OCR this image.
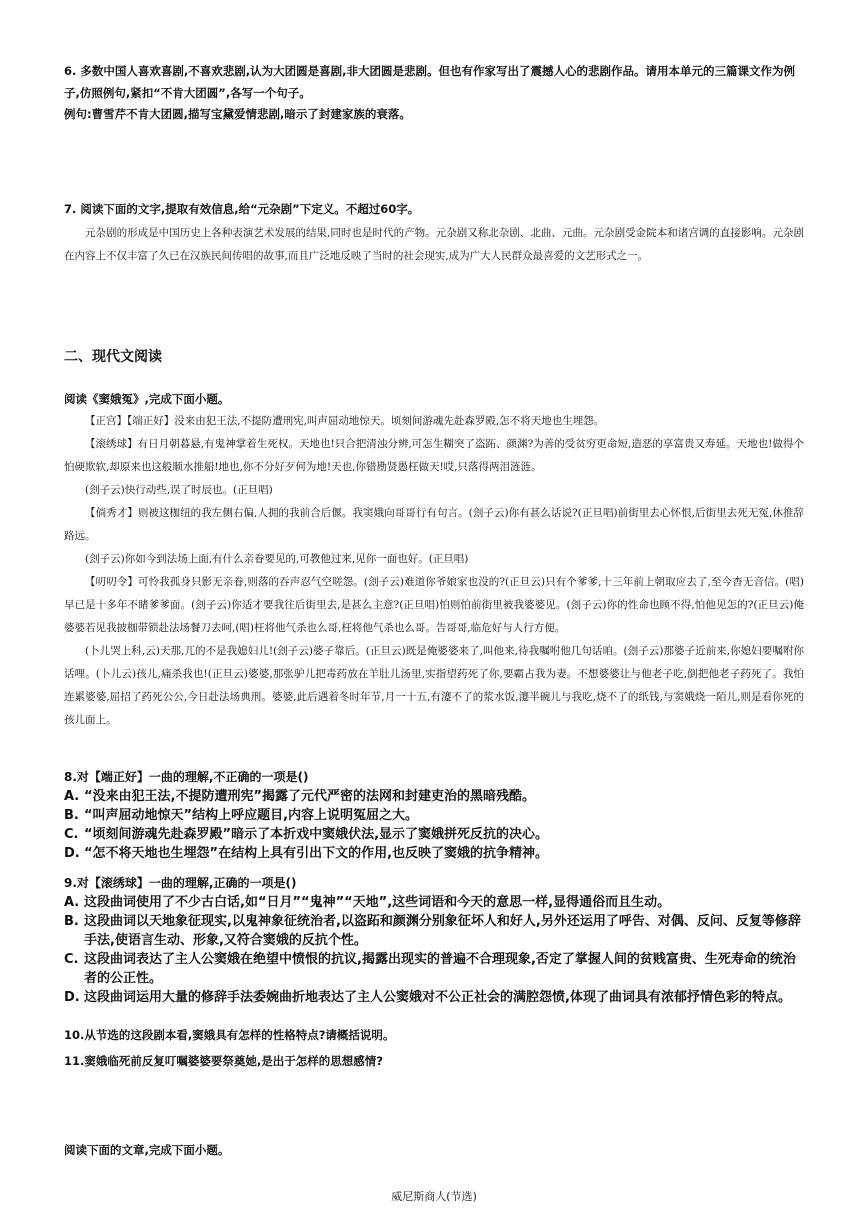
6. 多数中国人喜欢喜剧,不喜欢悲剧,认为大团圆是喜剧,非大团圆是悲剧。但也有作家写出了震撼人心的悲剧作品。请用本单元的三篇课文作为例子,仿照例句,紧扣“不肯大团圆”,各写一个句子。
例句:曹雪芹不肯大团圆,描写宝黛爱情悲剧,暗示了封建家族的衰落。
7. 阅读下面的文字,提取有效信息,给“元杂剧”下定义。不超过60字。

元杂剧的形成是中国历史上各种表演艺术发展的结果,同时也是时代的产物。元杂剧又称北杂剧、北曲、元曲。元杂剧受金院本和诸宫调的直接影响。元杂剧在内容上不仅丰富了久已在汉族民间传唱的故事,而且广泛地反映了当时的社会现实,成为广大人民群众最喜爱的文艺形式之一。

二、现代文阅读
阅读《窦娥冤》,完成下面小题。

【正宫】【端正好】没来由犯王法,不提防遭刑宪,叫声屈动地惊天。顷刻间游魂先赴森罗殿,怎不将天地也生埋怨。

【滚绣球】有日月朝暮悬,有鬼神掌着生死权。天地也!只合把清浊分辨,可怎生糊突了盗跖、颜渊?为善的受贫穷更命短,造恶的享富贵又寿延。天地也!做得个怕硬欺软,却原来也这般顺水推船!地也,你不分好歹何为地!天也,你错勘贤愚枉做天!哎,只落得两泪涟涟。

(刽子云)快行动些,误了时辰也。(正旦唱)

【倘秀才】则被这枷纽的我左侧右偏,人拥的我前合后偃。我窦娥向哥哥行有句言。(刽子云)你有甚么话说?(正旦唱)前街里去心怀恨,后街里去死无冤,休推辞路远。

(刽子云)你如今到法场上面,有什么亲眷要见的,可教他过来,见你一面也好。(正旦唱)

【叨叨令】可怜我孤身只影无亲眷,则落的吞声忍气空嗟怨。(刽子云)难道你爷娘家也没的?(正旦云)只有个爹爹,十三年前上朝取应去了,至今杳无音信。(唱)早已是十多年不睹爹爹面。(刽子云)你适才要我往后街里去,是甚么主意?(正旦唱)怕则怕前街里被我婆婆见。(刽子云)你的性命也顾不得,怕他见怎的?(正旦云)俺婆婆若见我披枷带锁赴法场餐刀去呵,(唱)枉将他气杀也么哥,枉将他气杀也么哥。告哥哥,临危好与人行方便。

(卜儿哭上科,云)天那,兀的不是我媳妇儿!(刽子云)婆子靠后。(正旦云)既是俺婆婆来了,叫他来,待我嘱咐他几句话咱。(刽子云)那婆子近前来,你媳妇要嘱咐你话哩。(卜儿云)孩儿,痛杀我也!(正旦云)婆婆,那张驴儿把毒药放在羊肚儿汤里,实指望药死了你,要霸占我为妻。不想婆婆让与他老子吃,倒把他老子药死了。我怕连累婆婆,屈招了药死公公,今日赴法场典刑。婆婆,此后遇着冬时年节,月一十五,有瀽不了的浆水饭,瀽半碗儿与我吃,烧不了的纸钱,与窦娥烧一陌儿,则是看你死的孩儿面上。

8.对【端正好】一曲的理解,不正确的一项是()
A. “没来由犯王法,不提防遭刑宪”揭露了元代严密的法网和封建吏治的黑暗残酷。
B. “叫声屈动地惊天”结构上呼应题目,内容上说明冤屈之大。
C. “顷刻间游魂先赴森罗殿”暗示了本折戏中窦娥伏法,显示了窦娥拼死反抗的决心。
D. “怎不将天地也生埋怨”在结构上具有引出下文的作用,也反映了窦娥的抗争精神。
9.对【滚绣球】一曲的理解,正确的一项是()
A. 这段曲词使用了不少古白话,如“日月”“鬼神”“天地”,这些词语和今天的意思一样,显得通俗而且生动。
B. 这段曲词以天地象征现实,以鬼神象征统治者,以盗跖和颜渊分别象征坏人和好人,另外还运用了呼告、对偶、反问、反复等修辞手法,使语言生动、形象,又符合窦娥的反抗个性。
C. 这段曲词表达了主人公窦娥在绝望中愤恨的抗议,揭露出现实的普遍不合理现象,否定了掌握人间的贫贱富贵、生死寿命的统治者的公正性。
D. 这段曲词运用大量的修辞手法委婉曲折地表达了主人公窦娥对不公正社会的满腔怨愤,体现了曲词具有浓郁抒情色彩的特点。
10.从节选的这段剧本看,窦娥具有怎样的性格特点?请概括说明。
11.窦娥临死前反复叮嘱婆婆要祭奠她,是出于怎样的思想感情?
阅读下面的文章,完成下面小题。
威尼斯商人(节选)
